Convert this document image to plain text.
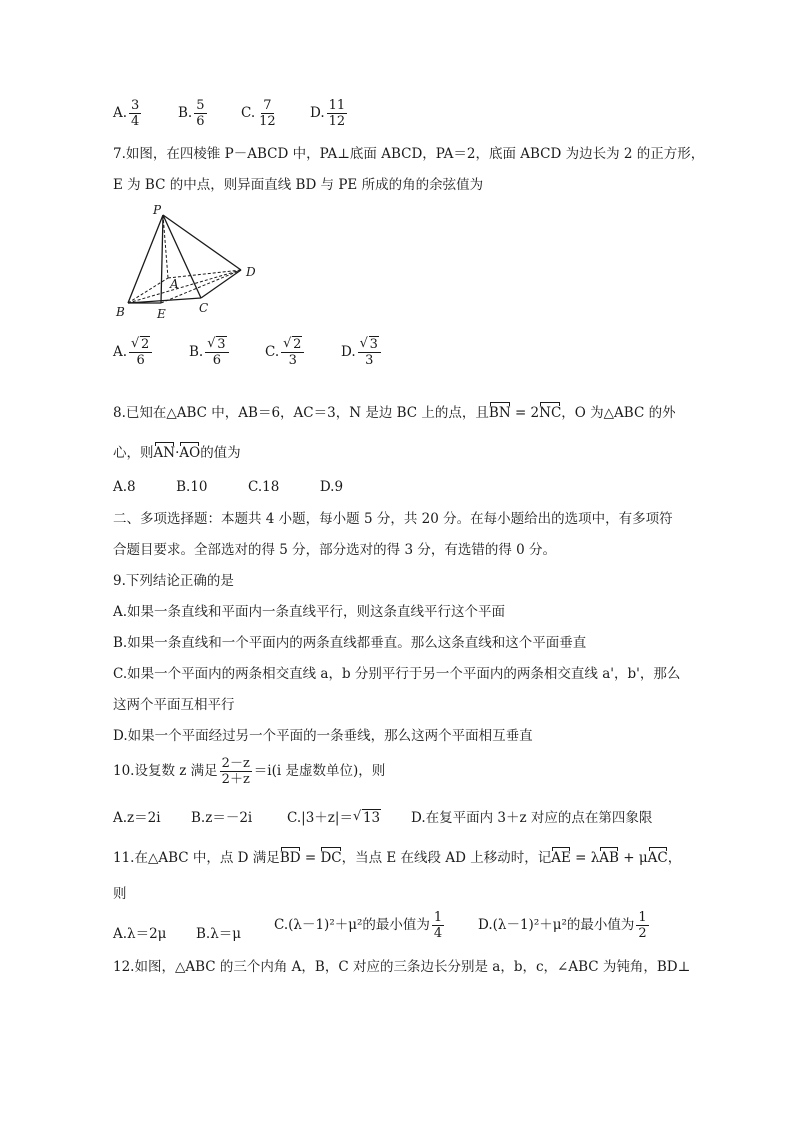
A. $\frac{3}{4}$	B. $\frac{5}{6}$	C. $\frac{7}{12} D$. $\frac{11}{12}$
7.如图，在四棱锥 P－ABCD 中，PA⊥底面 ABCD，PA＝2，底面 ABCD 为边长为 2 的正方形，
E 为 BC 的中点，则异面直线 BD 与 PE 所成的角的余弦值为
P
A
B	E	C
D
A. √ $\frac{2}{6}$	B. √ $\frac{3}{6}$	C. √ $\frac{2}{3}$	D. √ $\frac{3}{3}$
8.已知在△ABC 中，AB＝6，AC＝3，N 是边 BC 上的点，且BN = 2NC，O 为△ABC 的外
心，则AN·AO的值为
A.8　　　B.10　　　C.18　　　D.9
二、多项选择题：本题共 4 小题，每小题 5 分，共 20 分。在每小题给出的选项中，有多项符
合题目要求。全部选对的得 5 分，部分选对的得 3 分，有选错的得 0 分。
9.下列结论正确的是
A.如果一条直线和平面内一条直线平行，则这条直线平行这个平面
B.如果一条直线和一个平面内的两条直线都垂直。那么这条直线和这个平面垂直
C.如果一个平面内的两条相交直线 a，b 分别平行于另一个平面内的两条相交直线 a'，b'，那么
这两个平面互相平行
D.如果一个平面经过另一个平面的一条垂线，那么这两个平面相互垂直
10.设复数 z 满足 $\frac{2-z}{2+z} =i(i$ 是虚数单位)，则
A.z＝2i B.z＝－2i	C.|3＋z|＝ √ 13 D.在复平面内 3＋z 对应的点在第四象限
11.在△ABC 中，点 D 满足BD = DC，当点 E 在线段 AD 上移动时，记AE = λAB + μAC，
则
A.λ＝2μ B.λ＝μ
C.(λ－1)²＋μ²的最小值为 $\frac{1}{4}$	D.(λ－1)²＋μ²的最小值为 $\frac{1}{2}$
12.如图，△ABC 的三个内角 A，B，C 对应的三条边长分别是 a，b，c，∠ABC 为钝角，BD⊥
